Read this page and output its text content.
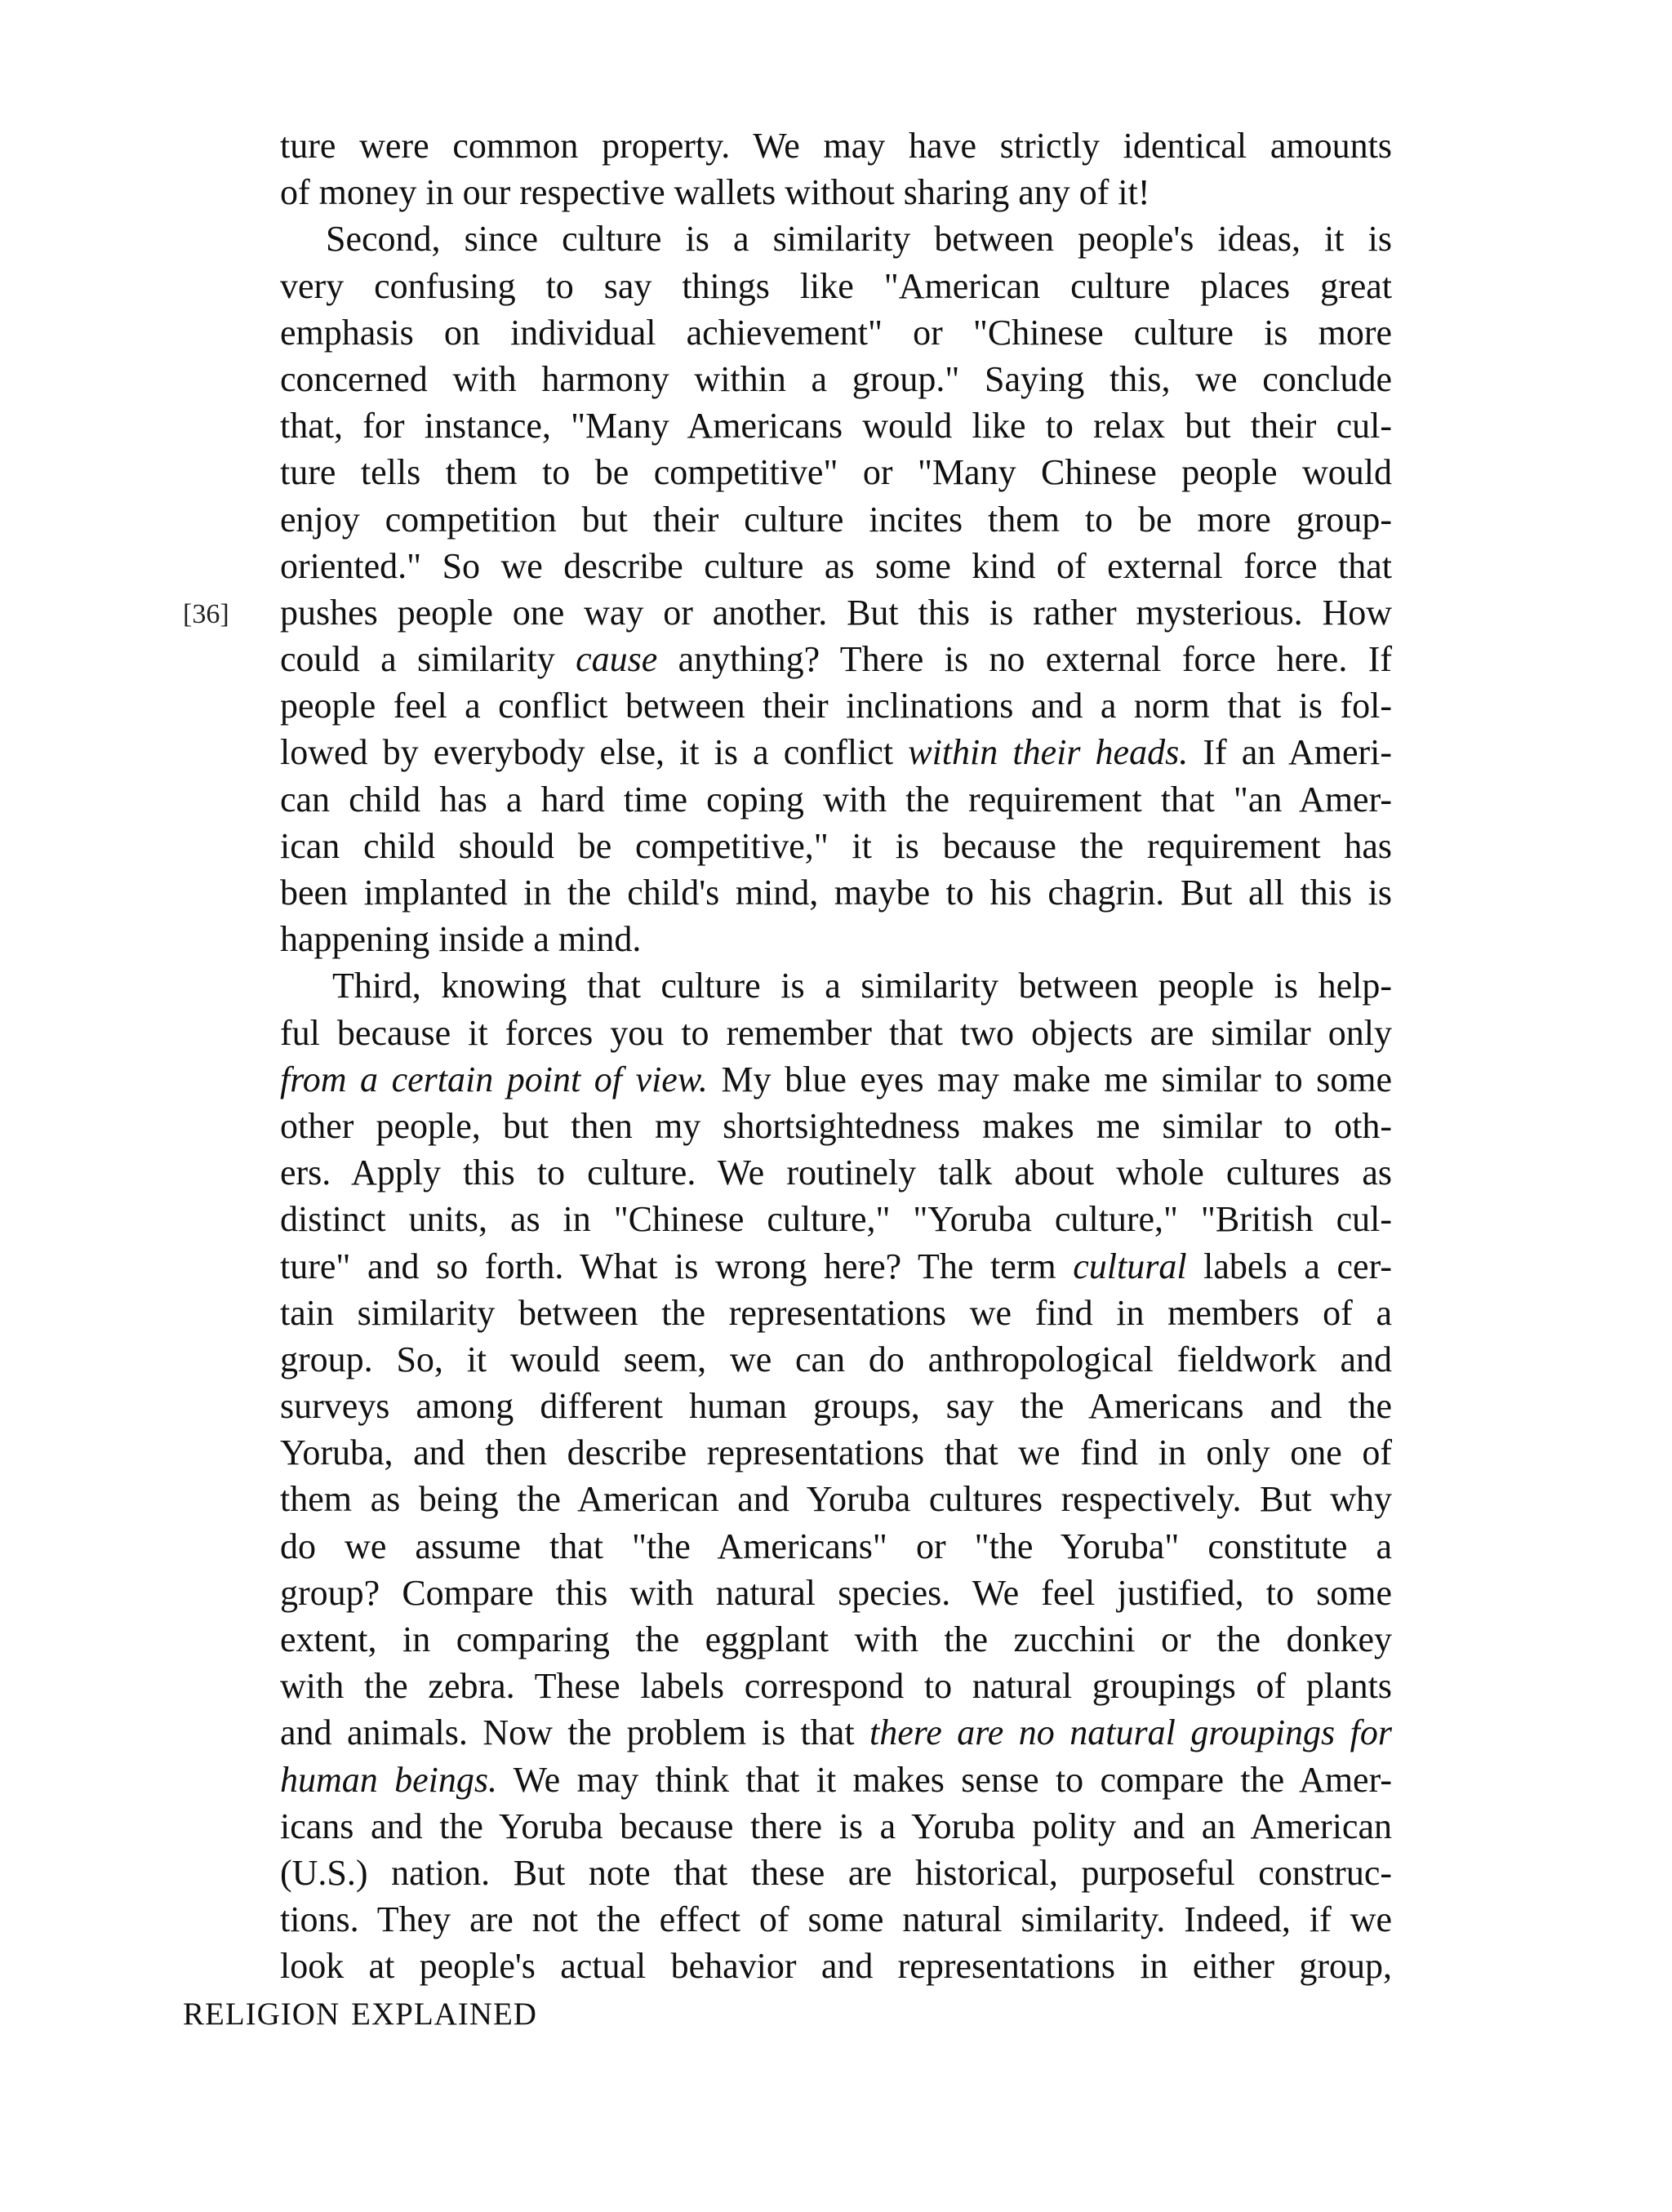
ture were common property. We may have strictly identical amounts
of money in our respective wallets without sharing any of it!
Second, since culture is a similarity between people's ideas, it is
very confusing to say things like "American culture places great
emphasis on individual achievement" or "Chinese culture is more
concerned with harmony within a group." Saying this, we conclude
that, for instance, "Many Americans would like to relax but their cul-
ture tells them to be competitive" or "Many Chinese people would
enjoy competition but their culture incites them to be more group-
oriented." So we describe culture as some kind of external force that
pushes people one way or another. But this is rather mysterious. How
could a similarity cause anything? There is no external force here. If
people feel a conflict between their inclinations and a norm that is fol-
lowed by everybody else, it is a conflict within their heads. If an Ameri-
can child has a hard time coping with the requirement that "an Amer-
ican child should be competitive," it is because the requirement has
been implanted in the child's mind, maybe to his chagrin. But all this is
happening inside a mind.
Third, knowing that culture is a similarity between people is help-
ful because it forces you to remember that two objects are similar only
from a certain point of view. My blue eyes may make me similar to some
other people, but then my shortsightedness makes me similar to oth-
ers. Apply this to culture. We routinely talk about whole cultures as
distinct units, as in "Chinese culture," "Yoruba culture," "British cul-
ture" and so forth. What is wrong here? The term cultural labels a cer-
tain similarity between the representations we find in members of a
group. So, it would seem, we can do anthropological fieldwork and
surveys among different human groups, say the Americans and the
Yoruba, and then describe representations that we find in only one of
them as being the American and Yoruba cultures respectively. But why
do we assume that "the Americans" or "the Yoruba" constitute a
group? Compare this with natural species. We feel justified, to some
extent, in comparing the eggplant with the zucchini or the donkey
with the zebra. These labels correspond to natural groupings of plants
and animals. Now the problem is that there are no natural groupings for
human beings. We may think that it makes sense to compare the Amer-
icans and the Yoruba because there is a Yoruba polity and an American
(U.S.) nation. But note that these are historical, purposeful construc-
tions. They are not the effect of some natural similarity. Indeed, if we
look at people's actual behavior and representations in either group,
[36]
RELIGION EXPLAINED
